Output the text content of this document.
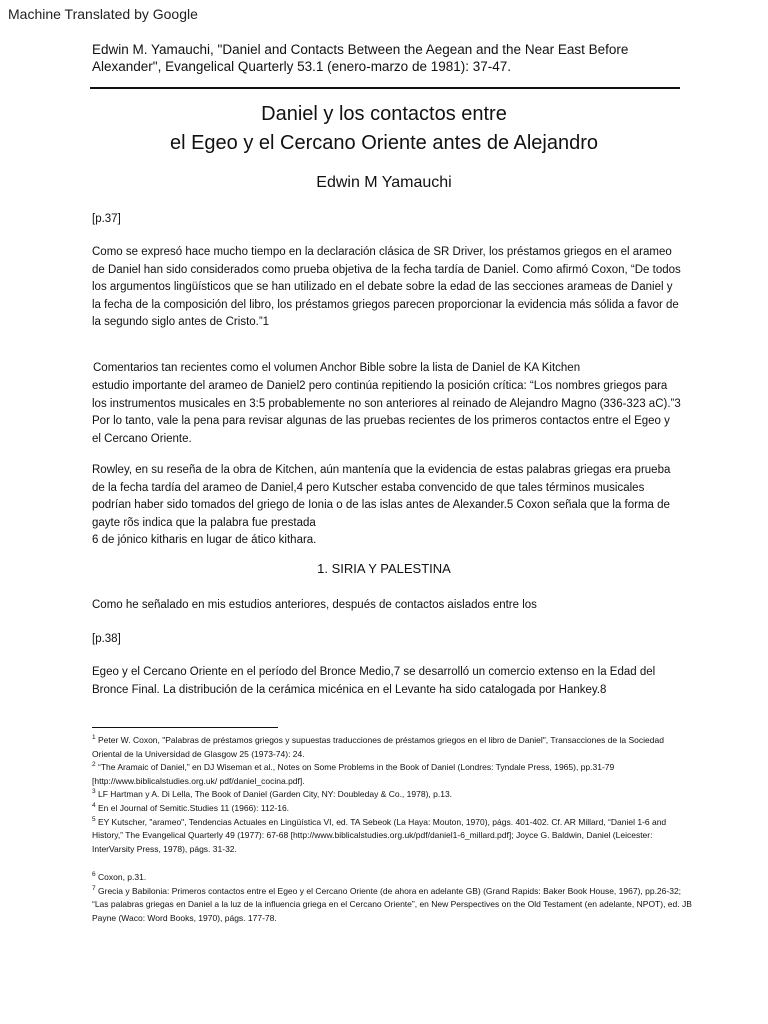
Machine Translated by Google
Edwin M. Yamauchi, "Daniel and Contacts Between the Aegean and the Near East Before Alexander", Evangelical Quarterly 53.1 (enero-marzo de 1981): 37-47.
Daniel y los contactos entre
el Egeo y el Cercano Oriente antes de Alejandro
Edwin M Yamauchi
[p.37]

Como se expresó hace mucho tiempo en la declaración clásica de SR Driver, los préstamos griegos en el arameo de Daniel han sido considerados como prueba objetiva de la fecha tardía de Daniel. Como afirmó Coxon, “De todos los argumentos lingüísticos que se han utilizado en el debate sobre la edad de las secciones arameas de Daniel y la fecha de la composición del libro, los préstamos griegos parecen proporcionar la evidencia más sólida a favor de la segundo siglo antes de Cristo.”1

Comentarios tan recientes como el volumen Anchor Bible sobre la lista de Daniel de KA Kitchen

estudio importante del arameo de Daniel2 pero continúa repitiendo la posición crítica: “Los nombres griegos para los instrumentos musicales en 3:5 probablemente no son anteriores al reinado de Alejandro Magno (336-323 aC).”3 Por lo tanto, vale la pena para revisar algunas de las pruebas recientes de los primeros contactos entre el Egeo y el Cercano Oriente.

Rowley, en su reseña de la obra de Kitchen, aún mantenía que la evidencia de estas palabras griegas era prueba de la fecha tardía del arameo de Daniel,4 pero Kutscher estaba convencido de que tales términos musicales podrían haber sido tomados del griego de Ionia o de las islas antes de Alexander.5 Coxon señala que la forma de gayte rõs indica que la palabra fue prestada

6 de jónico kitharis en lugar de ático kithara.

1. SIRIA Y PALESTINA

Como he señalado en mis estudios anteriores, después de contactos aislados entre los

[p.38]

Egeo y el Cercano Oriente en el período del Bronce Medio,7 se desarrolló un comercio extenso en la Edad del Bronce Final. La distribución de la cerámica micénica en el Levante ha sido catalogada por Hankey.8

$^1$ Peter W. Coxon, "Palabras de préstamos griegos y supuestas traducciones de préstamos griegos en el libro de Daniel", Transacciones de la Sociedad Oriental de la Universidad de Glasgow 25 (1973-74): 24.
$^2$ “The Aramaic of Daniel,” en DJ Wiseman et al., Notes on Some Problems in the Book of Daniel (Londres: Tyndale Press, 1965), pp.31-79 [http://www.biblicalstudies.org.uk/ pdf/daniel_cocina.pdf].
$^3$ LF Hartman y A. Di Lella, The Book of Daniel (Garden City, NY: Doubleday & Co., 1978), p.13.
$^4$ En el Journal of Semitic.Studies 11 (1966): 112-16.
$^5$ EY Kutscher, "arameo", Tendencias Actuales en Lingüística VI, ed. TA Sebeok (La Haya: Mouton, 1970), págs. 401-402. Cf. AR Millard, “Daniel 1-6 and History,” The Evangelical Quarterly 49 (1977): 67-68 [http://www.biblicalstudies.org.uk/pdf/daniel1-6_millard.pdf]; Joyce G. Baldwin, Daniel (Leicester: InterVarsity Press, 1978), págs. 31-32.
$^6$ Coxon, p.31.
$^7$ Grecia y Babilonia: Primeros contactos entre el Egeo y el Cercano Oriente (de ahora en adelante GB) (Grand Rapids: Baker Book House, 1967), pp.26-32; “Las palabras griegas en Daniel a la luz de la influencia griega en el Cercano Oriente”, en New Perspectives on the Old Testament (en adelante, NPOT), ed. JB Payne (Waco: Word Books, 1970), págs. 177-78.
